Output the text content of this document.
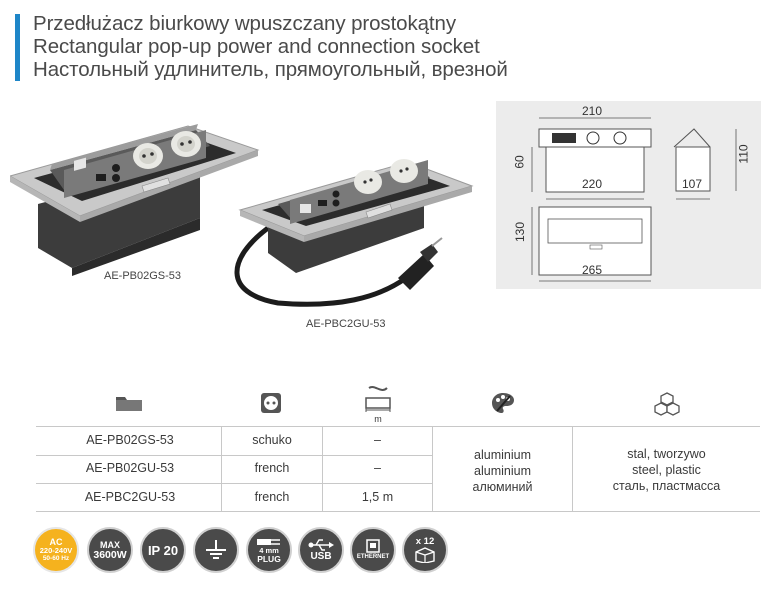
Przedłużacz biurkowy wpuszczany prostokątny
Rectangular pop-up power and connection socket
Настольный удлинитель, прямоугольный, врезной
AE-PB02GS-53
AE-PBC2GU-53
210
60	110
220	107
130
265
m
AE-PB02GS-53	schuko	–
AE-PB02GU-53	french	–
AE-PBC2GU-53	french	1,5 m
aluminium
aluminium
алюминий
stal, tworzywo
steel, plastic
сталь, пластмасса
AC
220-240V
50-60 Hz
MAX
3600W IP 20	4 mm
PLUG	USB	ETHERNET
x 12
